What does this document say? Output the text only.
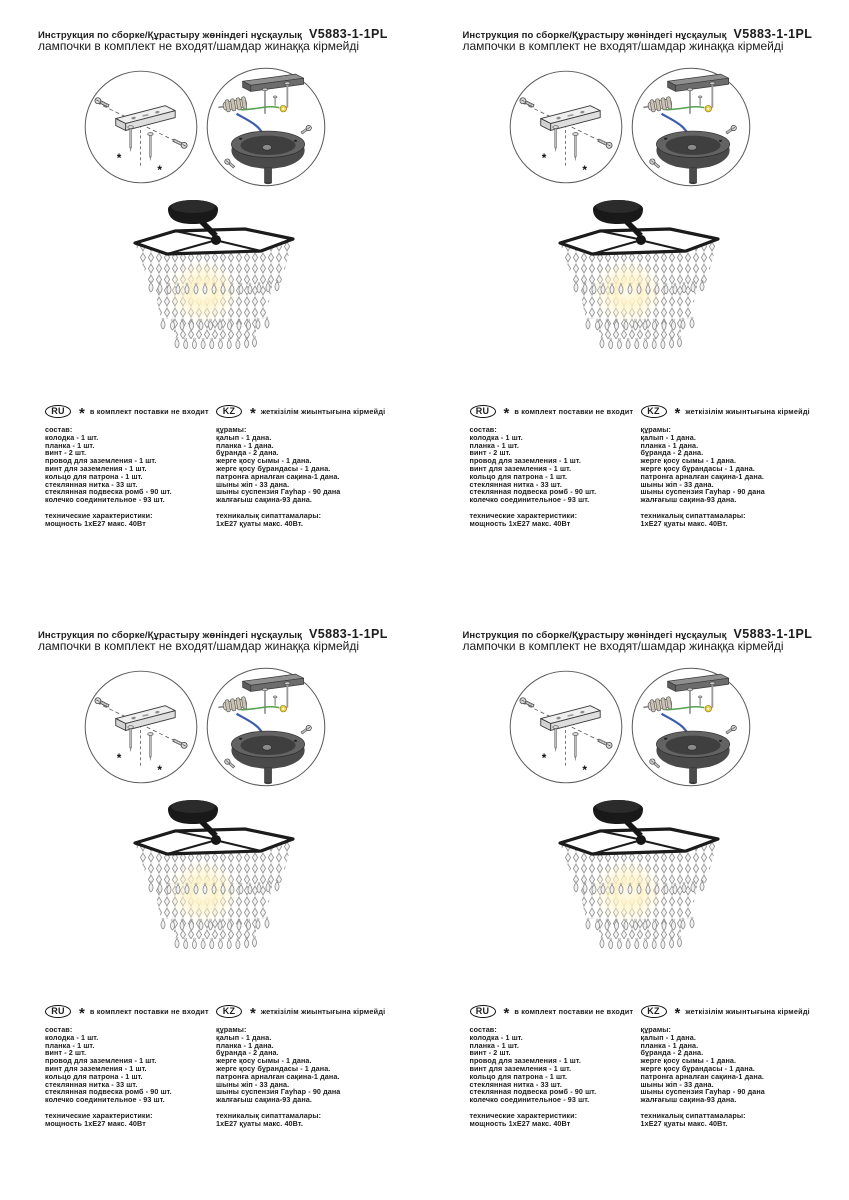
Инструкция по сборке/Құрастыру жөніндегі нұсқаулық V5883-1-1PL
лампочки в комплект не входят/шамдар жинаққа кірмейді
*
*
RU * в комплект поставки не входит
состав:
колодка - 1 шт.
планка - 1 шт.
винт - 2 шт.
провод для заземления - 1 шт.
винт для заземления - 1 шт.
кольцо для патрона - 1 шт.
стеклянная нитка - 33 шт.
стеклянная подвеска ромб - 90 шт.
колечко соединительное - 93 шт.
технические характеристики:
мощность 1хЕ27 макс. 40Вт
KZ * жеткізілім жиынтығына кірмейді
құрамы:
қалып - 1 дана.
планка - 1 дана.
бұранда - 2 дана.
жерге қосу сымы - 1 дана.
жерге қосу бұрандасы - 1 дана.
патронға арналған сақина-1 дана.
шыны жіп - 33 дана.
шыны суспензия Гауһар - 90 дана
жалғағыш сақина-93 дана.
техникалық сипаттамалары:
1хЕ27 қуаты макс. 40Вт.
Инструкция по сборке/Құрастыру жөніндегі нұсқаулық V5883-1-1PL
лампочки в комплект не входят/шамдар жинаққа кірмейді
*
*
RU * в комплект поставки не входит
состав:
колодка - 1 шт.
планка - 1 шт.
винт - 2 шт.
провод для заземления - 1 шт.
винт для заземления - 1 шт.
кольцо для патрона - 1 шт.
стеклянная нитка - 33 шт.
стеклянная подвеска ромб - 90 шт.
колечко соединительное - 93 шт.
технические характеристики:
мощность 1хЕ27 макс. 40Вт
KZ * жеткізілім жиынтығына кірмейді
құрамы:
қалып - 1 дана.
планка - 1 дана.
бұранда - 2 дана.
жерге қосу сымы - 1 дана.
жерге қосу бұрандасы - 1 дана.
патронға арналған сақина-1 дана.
шыны жіп - 33 дана.
шыны суспензия Гауһар - 90 дана
жалғағыш сақина-93 дана.
техникалық сипаттамалары:
1хЕ27 қуаты макс. 40Вт.
Инструкция по сборке/Құрастыру жөніндегі нұсқаулық V5883-1-1PL
лампочки в комплект не входят/шамдар жинаққа кірмейді
*
*
RU * в комплект поставки не входит
состав:
колодка - 1 шт.
планка - 1 шт.
винт - 2 шт.
провод для заземления - 1 шт.
винт для заземления - 1 шт.
кольцо для патрона - 1 шт.
стеклянная нитка - 33 шт.
стеклянная подвеска ромб - 90 шт.
колечко соединительное - 93 шт.
технические характеристики:
мощность 1хЕ27 макс. 40Вт
KZ * жеткізілім жиынтығына кірмейді
құрамы:
қалып - 1 дана.
планка - 1 дана.
бұранда - 2 дана.
жерге қосу сымы - 1 дана.
жерге қосу бұрандасы - 1 дана.
патронға арналған сақина-1 дана.
шыны жіп - 33 дана.
шыны суспензия Гауһар - 90 дана
жалғағыш сақина-93 дана.
техникалық сипаттамалары:
1хЕ27 қуаты макс. 40Вт.
Инструкция по сборке/Құрастыру жөніндегі нұсқаулық V5883-1-1PL
лампочки в комплект не входят/шамдар жинаққа кірмейді
*
*
RU * в комплект поставки не входит
состав:
колодка - 1 шт.
планка - 1 шт.
винт - 2 шт.
провод для заземления - 1 шт.
винт для заземления - 1 шт.
кольцо для патрона - 1 шт.
стеклянная нитка - 33 шт.
стеклянная подвеска ромб - 90 шт.
колечко соединительное - 93 шт.
технические характеристики:
мощность 1хЕ27 макс. 40Вт
KZ * жеткізілім жиынтығына кірмейді
құрамы:
қалып - 1 дана.
планка - 1 дана.
бұранда - 2 дана.
жерге қосу сымы - 1 дана.
жерге қосу бұрандасы - 1 дана.
патронға арналған сақина-1 дана.
шыны жіп - 33 дана.
шыны суспензия Гауһар - 90 дана
жалғағыш сақина-93 дана.
техникалық сипаттамалары:
1хЕ27 қуаты макс. 40Вт.
